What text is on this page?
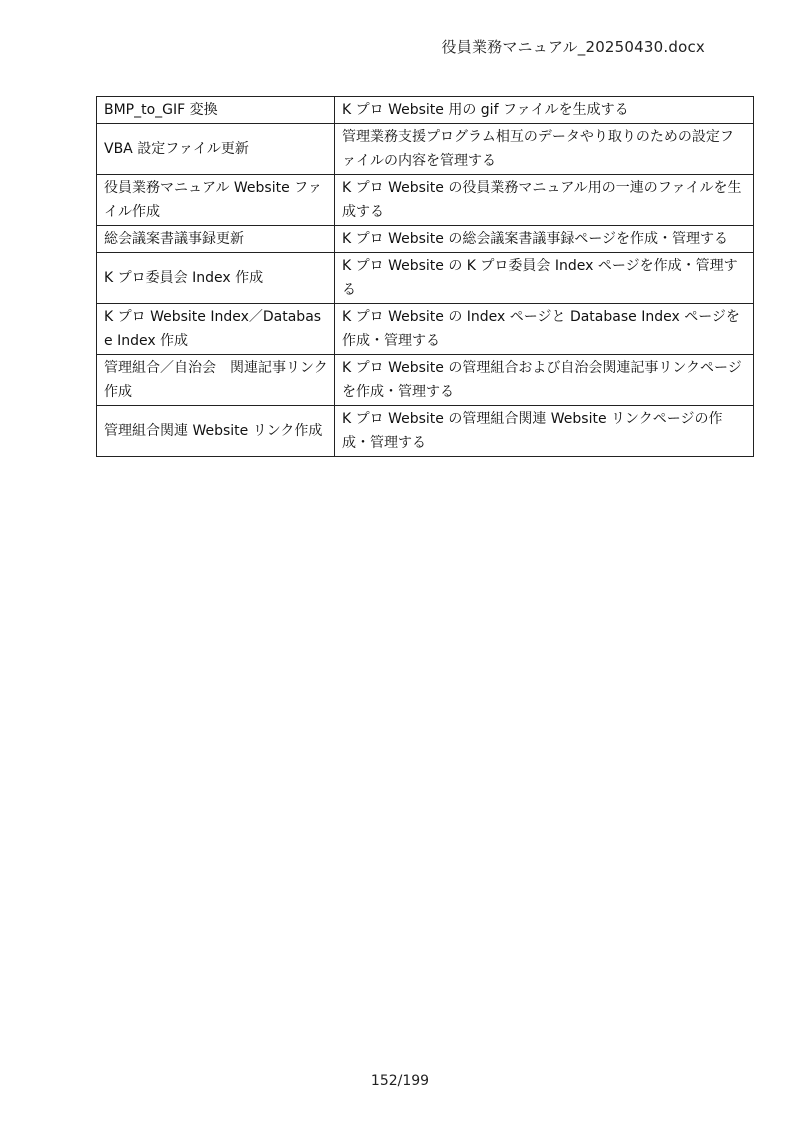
役員業務マニュアル_20250430.docx
BMP_to_GIF 変換	K プロ Website 用の gif ファイルを生成する
VBA 設定ファイル更新	管理業務支援プログラム相互のデータやり取りのための設定ファイルの内容を管理する
役員業務マニュアル Website ファイル作成	K プロ Website の役員業務マニュアル用の一連のファイルを生成する
総会議案書議事録更新	K プロ Website の総会議案書議事録ページを作成・管理する
K プロ委員会 Index 作成	K プロ Website の K プロ委員会 Index ページを作成・管理する
K プロ Website Index／Database Index 作成	K プロ Website の Index ページと Database Index ページを作成・管理する
管理組合／自治会　関連記事リンク作成	K プロ Website の管理組合および自治会関連記事リンクページを作成・管理する
管理組合関連 Website リンク作成	K プロ Website の管理組合関連 Website リンクページの作成・管理する
152/199
